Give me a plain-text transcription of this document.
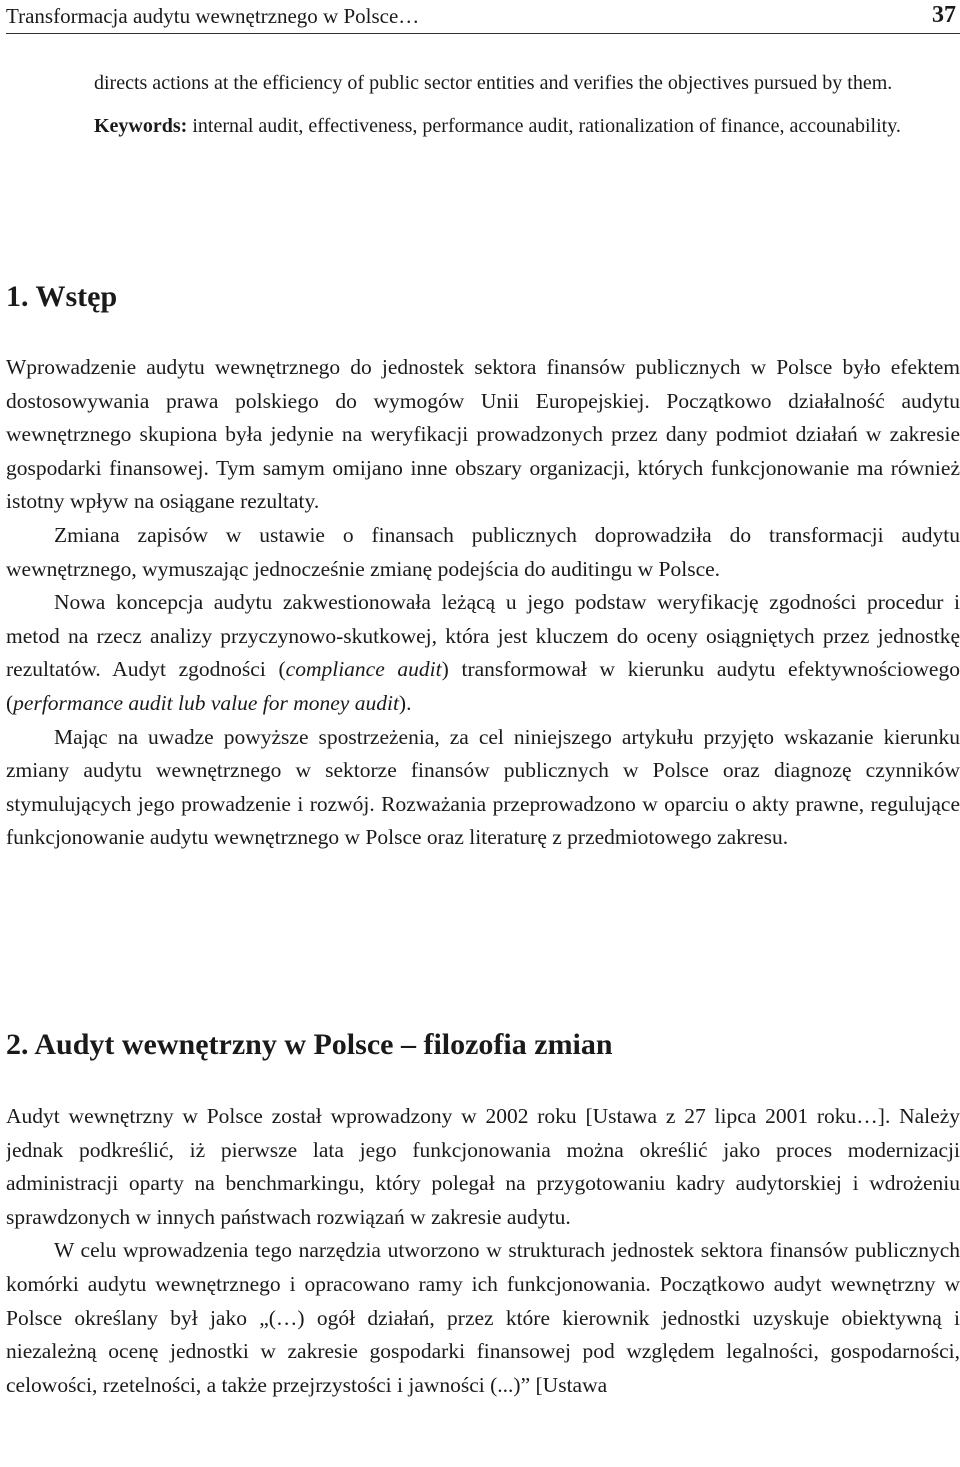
Transformacja audytu wewnętrznego w Polsce…	37

directs actions at the efficiency of public sector entities and verifies the objectives pursued by them.

Keywords: internal audit, effectiveness, performance audit, rationalization of finance, accounability.

1. Wstęp

Wprowadzenie audytu wewnętrznego do jednostek sektora finansów publicznych w Polsce było efektem dostosowywania prawa polskiego do wymogów Unii Europejskiej. Początkowo działalność audytu wewnętrznego skupiona była jedynie na weryfikacji prowadzonych przez dany podmiot działań w zakresie gospodarki finansowej. Tym samym omijano inne obszary organizacji, których funkcjonowanie ma również istotny wpływ na osiągane rezultaty.

Zmiana zapisów w ustawie o finansach publicznych doprowadziła do transformacji audytu wewnętrznego, wymuszając jednocześnie zmianę podejścia do auditingu w Polsce.

Nowa koncepcja audytu zakwestionowała leżącą u jego podstaw weryfikację zgodności procedur i metod na rzecz analizy przyczynowo-skutkowej, która jest kluczem do oceny osiągniętych przez jednostkę rezultatów. Audyt zgodności (compliance audit) transformował w kierunku audytu efektywnościowego (performance audit lub value for money audit).

Mając na uwadze powyższe spostrzeżenia, za cel niniejszego artykułu przyjęto wskazanie kierunku zmiany audytu wewnętrznego w sektorze finansów publicznych w Polsce oraz diagnozę czynników stymulujących jego prowadzenie i rozwój. Rozważania przeprowadzono w oparciu o akty prawne, regulujące funkcjonowanie audytu wewnętrznego w Polsce oraz literaturę z przedmiotowego zakresu.

2. Audyt wewnętrzny w Polsce – filozofia zmian

Audyt wewnętrzny w Polsce został wprowadzony w 2002 roku [Ustawa z 27 lipca 2001 roku…]. Należy jednak podkreślić, iż pierwsze lata jego funkcjonowania można określić jako proces modernizacji administracji oparty na benchmarkingu, który polegał na przygotowaniu kadry audytorskiej i wdrożeniu sprawdzonych w innych państwach rozwiązań w zakresie audytu.

W celu wprowadzenia tego narzędzia utworzono w strukturach jednostek sektora finansów publicznych komórki audytu wewnętrznego i opracowano ramy ich funkcjonowania. Początkowo audyt wewnętrzny w Polsce określany był jako „(…) ogół działań, przez które kierownik jednostki uzyskuje obiektywną i niezależną ocenę jednostki w zakresie gospodarki finansowej pod względem legalności, gospodarności, celowości, rzetelności, a także przejrzystości i jawności (...)” [Ustawa
